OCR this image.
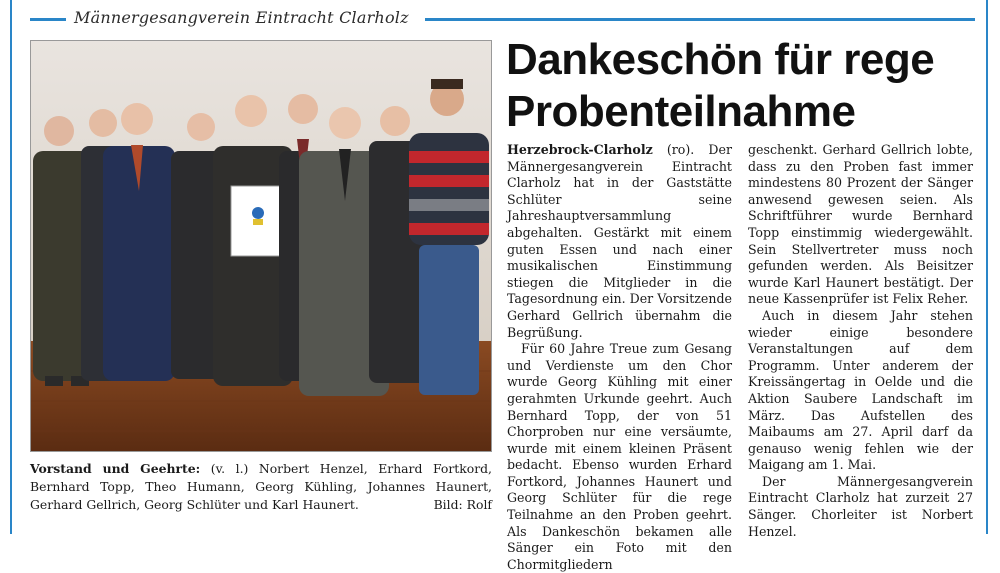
Männergesangverein Eintracht Clarholz
Vorstand und Geehrte: (v. l.) Norbert Henzel, Erhard Fortkord, Bernhard Topp, Theo Humann, Georg Kühling, Johannes Haunert, Gerhard Gellrich, Georg Schlüter und Karl Haunert.	Bild: Rolf
Dankeschön für rege
Probenteilnahme

Herzebrock-Clarholz (ro). Der Männergesangverein Eintracht Clarholz hat in der Gaststätte Schlüter seine Jahreshauptversammlung abgehalten. Gestärkt mit einem guten Essen und nach einer musikalischen Einstimmung stiegen die Mitglieder in die Tagesordnung ein. Der Vorsitzende Gerhard Gellrich übernahm die Begrüßung.

Für 60 Jahre Treue zum Gesang und Verdienste um den Chor wurde Georg Kühling mit einer gerahmten Urkunde geehrt. Auch Bernhard Topp, der von 51 Chorproben nur eine versäumte, wurde mit einem kleinen Präsent bedacht. Ebenso wurden Erhard Fortkord, Johannes Haunert und Georg Schlüter für die rege Teilnahme an den Proben geehrt. Als Dankeschön bekamen alle Sänger ein Foto mit den Chormitgliedern

geschenkt. Gerhard Gellrich lobte, dass zu den Proben fast immer mindestens 80 Prozent der Sänger anwesend gewesen seien. Als Schriftführer wurde Bernhard Topp einstimmig wiedergewählt. Sein Stellvertreter muss noch gefunden werden. Als Beisitzer wurde Karl Haunert bestätigt. Der neue Kassenprüfer ist Felix Reher.

Auch in diesem Jahr stehen wieder einige besondere Veranstaltungen auf dem Programm. Unter anderem der Kreissängertag in Oelde und die Aktion Saubere Landschaft im März. Das Aufstellen des Maibaums am 27. April darf da genauso wenig fehlen wie der Maigang am 1. Mai.

Der Männergesangverein Eintracht Clarholz hat zurzeit 27 Sänger. Chorleiter ist Norbert Henzel.
